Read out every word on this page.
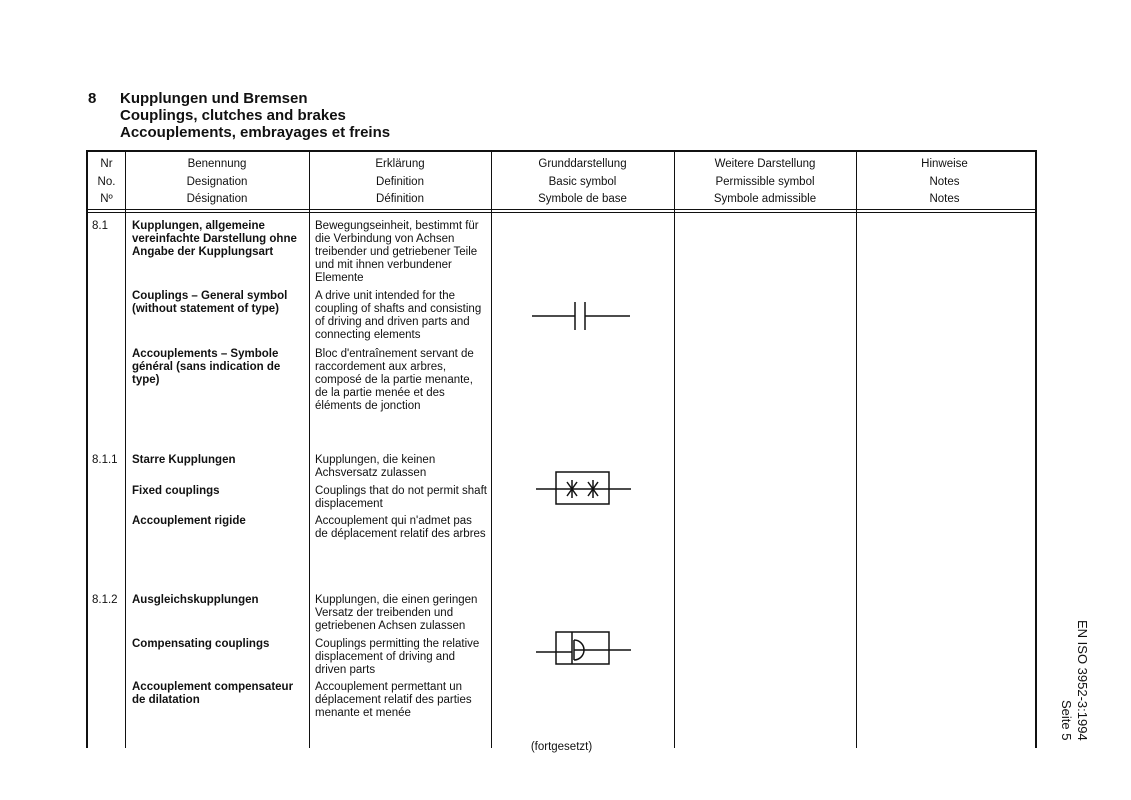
8 Kupplungen und Bremsen
Couplings, clutches and brakes
Accouplements, embrayages et freins
Nr
No.
Nº
Benennung
Designation
Désignation
Erklärung
Definition
Définition
Grunddarstellung
Basic symbol
Symbole de base
Weitere Darstellung
Permissible symbol
Symbole admissible
Hinweise
Notes
Notes
8.1 Kupplungen, allgemeine vereinfachte Darstellung ohne Angabe der Kupplungsart
Couplings – General symbol (without statement of type)
Accouplements – Symbole général (sans indication de type)
Bewegungseinheit, bestimmt für die Verbindung von Achsen treibender und getriebener Teile und mit ihnen verbundener Elemente
A drive unit intended for the coupling of shafts and consisting of driving and driven parts and connecting elements
Bloc d'entraînement servant de raccordement aux arbres, composé de la partie menante, de la partie menée et des éléments de jonction
8.1.1 Starre Kupplungen
Fixed couplings
Accouplement rigide
Kupplungen, die keinen Achsversatz zulassen
Couplings that do not permit shaft displacement
Accouplement qui n'admet pas de déplacement relatif des arbres
8.1.2 Ausgleichskupplungen
Compensating couplings
Accouplement compensateur de dilatation
Kupplungen, die einen geringen Versatz der treibenden und getriebenen Achsen zulassen
Couplings permitting the relative displacement of driving and driven parts
Accouplement permettant un déplacement relatif des parties menante et menée
(fortgesetzt)
EN ISO 3952-3:1994
Seite 5
